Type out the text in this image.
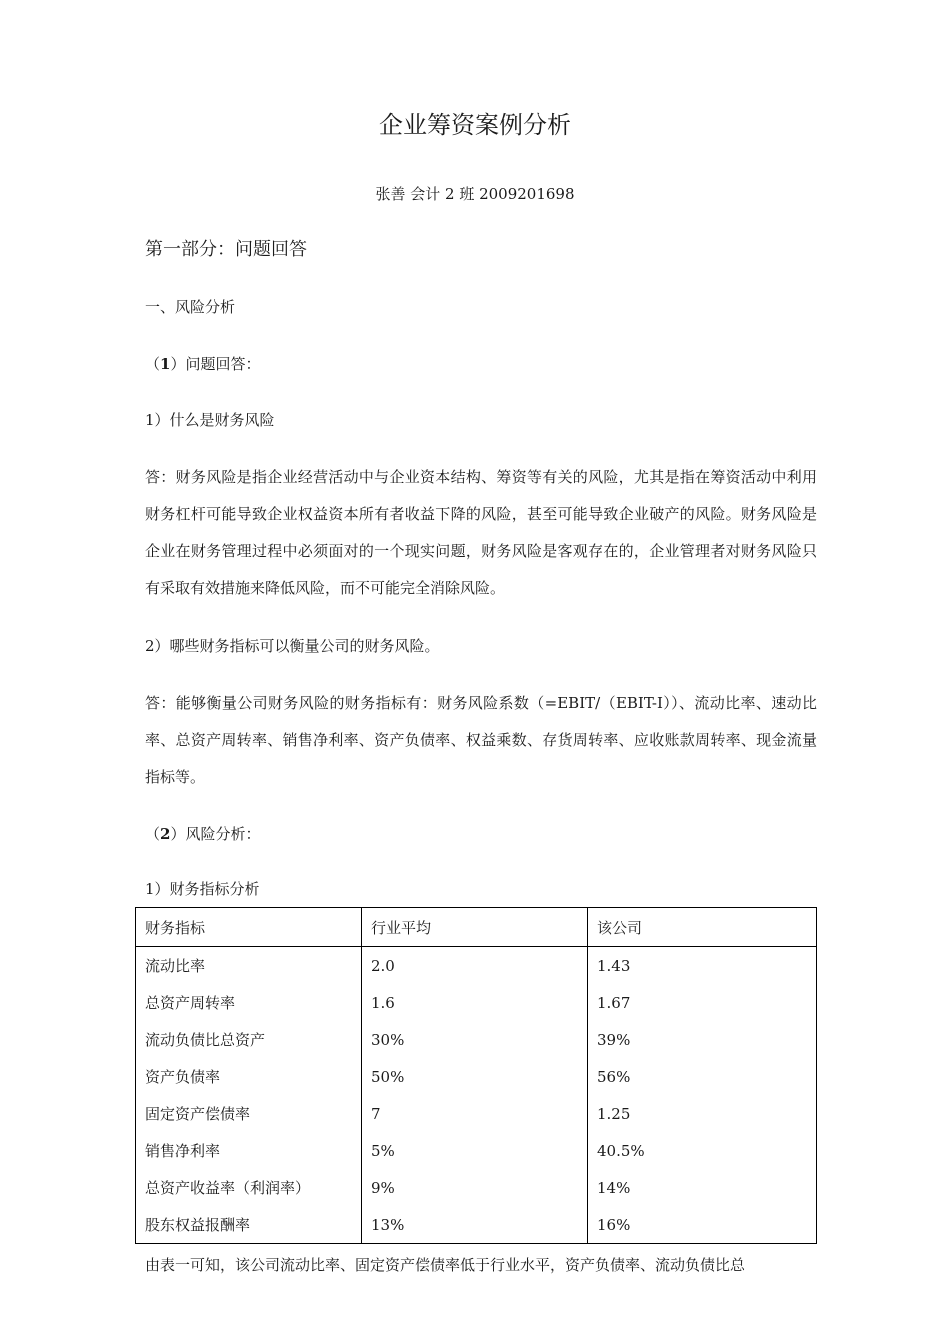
企业筹资案例分析
张善 会计 2 班 2009201698
第一部分：问题回答
一、风险分析
（1）问题回答：
1）什么是财务风险
答：财务风险是指企业经营活动中与企业资本结构、筹资等有关的风险，尤其是指在筹资活动中利用财务杠杆可能导致企业权益资本所有者收益下降的风险，甚至可能导致企业破产的风险。财务风险是企业在财务管理过程中必须面对的一个现实问题，财务风险是客观存在的，企业管理者对财务风险只有采取有效措施来降低风险，而不可能完全消除风险。
2）哪些财务指标可以衡量公司的财务风险。
答：能够衡量公司财务风险的财务指标有：财务风险系数（=EBIT/（EBIT-I））、流动比率、速动比率、总资产周转率、销售净利率、资产负债率、权益乘数、存货周转率、应收账款周转率、现金流量指标等。
（2）风险分析：
1）财务指标分析
财务指标	行业平均	该公司
流动比率	2.0	1.43
总资产周转率	1.6	1.67
流动负债比总资产	30%	39%
资产负债率	50%	56%
固定资产偿债率	7	1.25
销售净利率	5%	40.5%
总资产收益率（利润率）	9%	14%
股东权益报酬率	13%	16%
由表一可知，该公司流动比率、固定资产偿债率低于行业水平，资产负债率、流动负债比总
